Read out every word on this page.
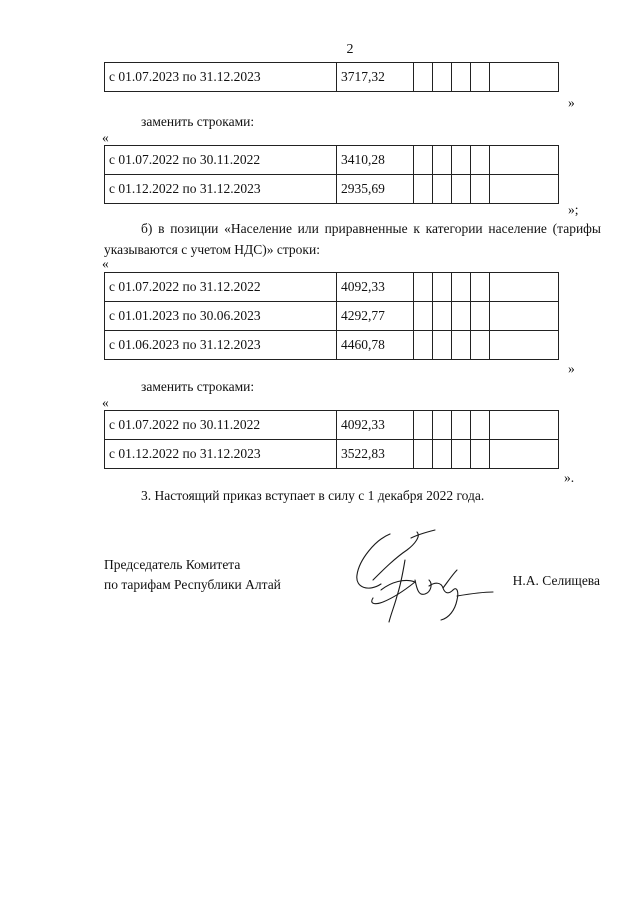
2
с 01.07.2023 по 31.12.2023	3717,32					
»
заменить строками:
«
с 01.07.2022 по 30.11.2022	3410,28					
с 01.12.2022 по 31.12.2023	2935,69					
»;
б) в позиции «Население или приравненные к категории население (тарифы указываются с учетом НДС)» строки:
«
с 01.07.2022 по 31.12.2022	4092,33					
с 01.01.2023 по 30.06.2023	4292,77					
с 01.06.2023 по 31.12.2023	4460,78					
»
заменить строками:
«
с 01.07.2022 по 30.11.2022	4092,33					
с 01.12.2022 по 31.12.2023	3522,83					
».
3. Настоящий приказ вступает в силу с 1 декабря 2022 года.
Председатель Комитета
по тарифам Республики Алтай	Н.А. Селищева
